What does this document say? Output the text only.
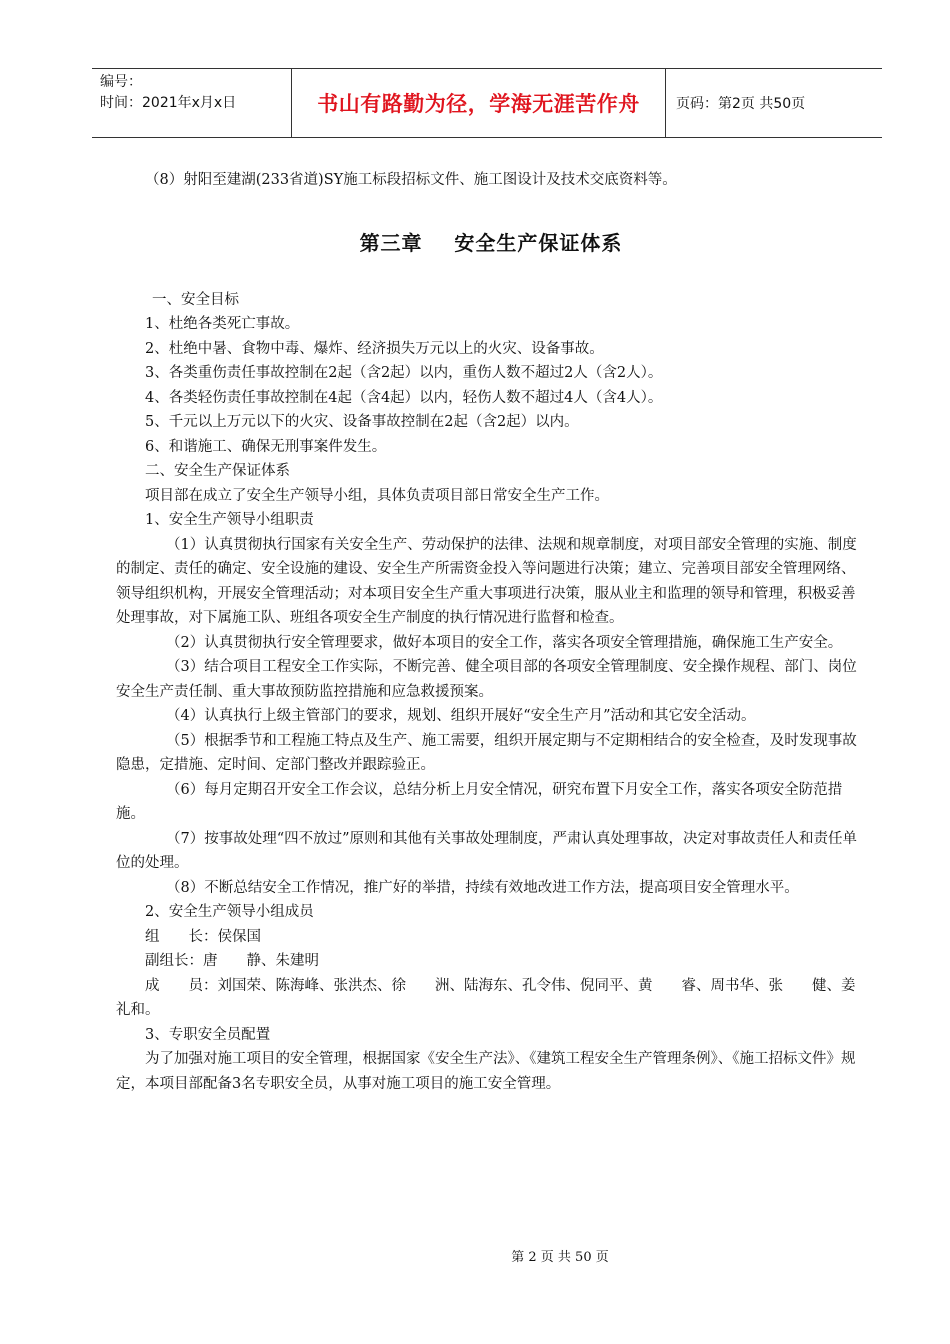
编号：
时间：2021年x月x日	书山有路勤为径，学海无涯苦作舟	页码：第2页 共50页

（8）射阳至建湖(233省道)SY施工标段招标文件、施工图设计及技术交底资料等。

第三章    安全生产保证体系

一、安全目标

1、杜绝各类死亡事故。

2、杜绝中暑、食物中毒、爆炸、经济损失万元以上的火灾、设备事故。

3、各类重伤责任事故控制在2起（含2起）以内，重伤人数不超过2人（含2人）。

4、各类轻伤责任事故控制在4起（含4起）以内，轻伤人数不超过4人（含4人）。

5、千元以上万元以下的火灾、设备事故控制在2起（含2起）以内。

6、和谐施工、确保无刑事案件发生。

二、安全生产保证体系

项目部在成立了安全生产领导小组，具体负责项目部日常安全生产工作。

1、安全生产领导小组职责

（1）认真贯彻执行国家有关安全生产、劳动保护的法律、法规和规章制度，对项目部安全管理的实施、制度的制定、责任的确定、安全设施的建设、安全生产所需资金投入等问题进行决策；建立、完善项目部安全管理网络、领导组织机构，开展安全管理活动；对本项目安全生产重大事项进行决策，服从业主和监理的领导和管理，积极妥善处理事故，对下属施工队、班组各项安全生产制度的执行情况进行监督和检查。

（2）认真贯彻执行安全管理要求，做好本项目的安全工作，落实各项安全管理措施，确保施工生产安全。

（3）结合项目工程安全工作实际，不断完善、健全项目部的各项安全管理制度、安全操作规程、部门、岗位安全生产责任制、重大事故预防监控措施和应急救援预案。

（4）认真执行上级主管部门的要求，规划、组织开展好“安全生产月”活动和其它安全活动。

（5）根据季节和工程施工特点及生产、施工需要，组织开展定期与不定期相结合的安全检查，及时发现事故隐患，定措施、定时间、定部门整改并跟踪验正。

（6）每月定期召开安全工作会议，总结分析上月安全情况，研究布置下月安全工作，落实各项安全防范措施。

（7）按事故处理“四不放过”原则和其他有关事故处理制度，严肃认真处理事故，决定对事故责任人和责任单位的处理。

（8）不断总结安全工作情况，推广好的举措，持续有效地改进工作方法，提高项目安全管理水平。

2、安全生产领导小组成员

组　　长：侯保国

副组长：唐　　静、朱建明

成　　员：刘国荣、陈海峰、张洪杰、徐　　洲、陆海东、孔令伟、倪同平、黄　　睿、周书华、张　　健、姜礼和。

3、专职安全员配置

为了加强对施工项目的安全管理，根据国家《安全生产法》、《建筑工程安全生产管理条例》、《施工招标文件》规定，本项目部配备3名专职安全员，从事对施工项目的施工安全管理。

第 2 页 共 50 页
